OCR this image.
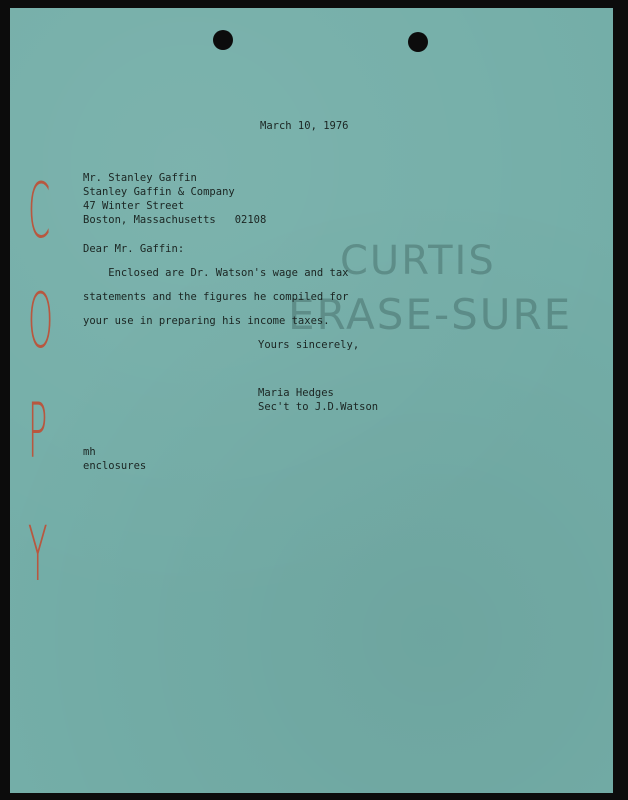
CURTIS
ERASE-SURE
C
O
P
Y

March 10, 1976

Mr. Stanley Gaffin

Stanley Gaffin & Company

47 Winter Street

Boston, Massachusetts   02108

Dear Mr. Gaffin:

Enclosed are Dr. Watson's wage and tax

statements and the figures he compiled for

your use in preparing his income taxes.

Yours sincerely,

Maria Hedges

Sec't to J.D.Watson

mh

enclosures
